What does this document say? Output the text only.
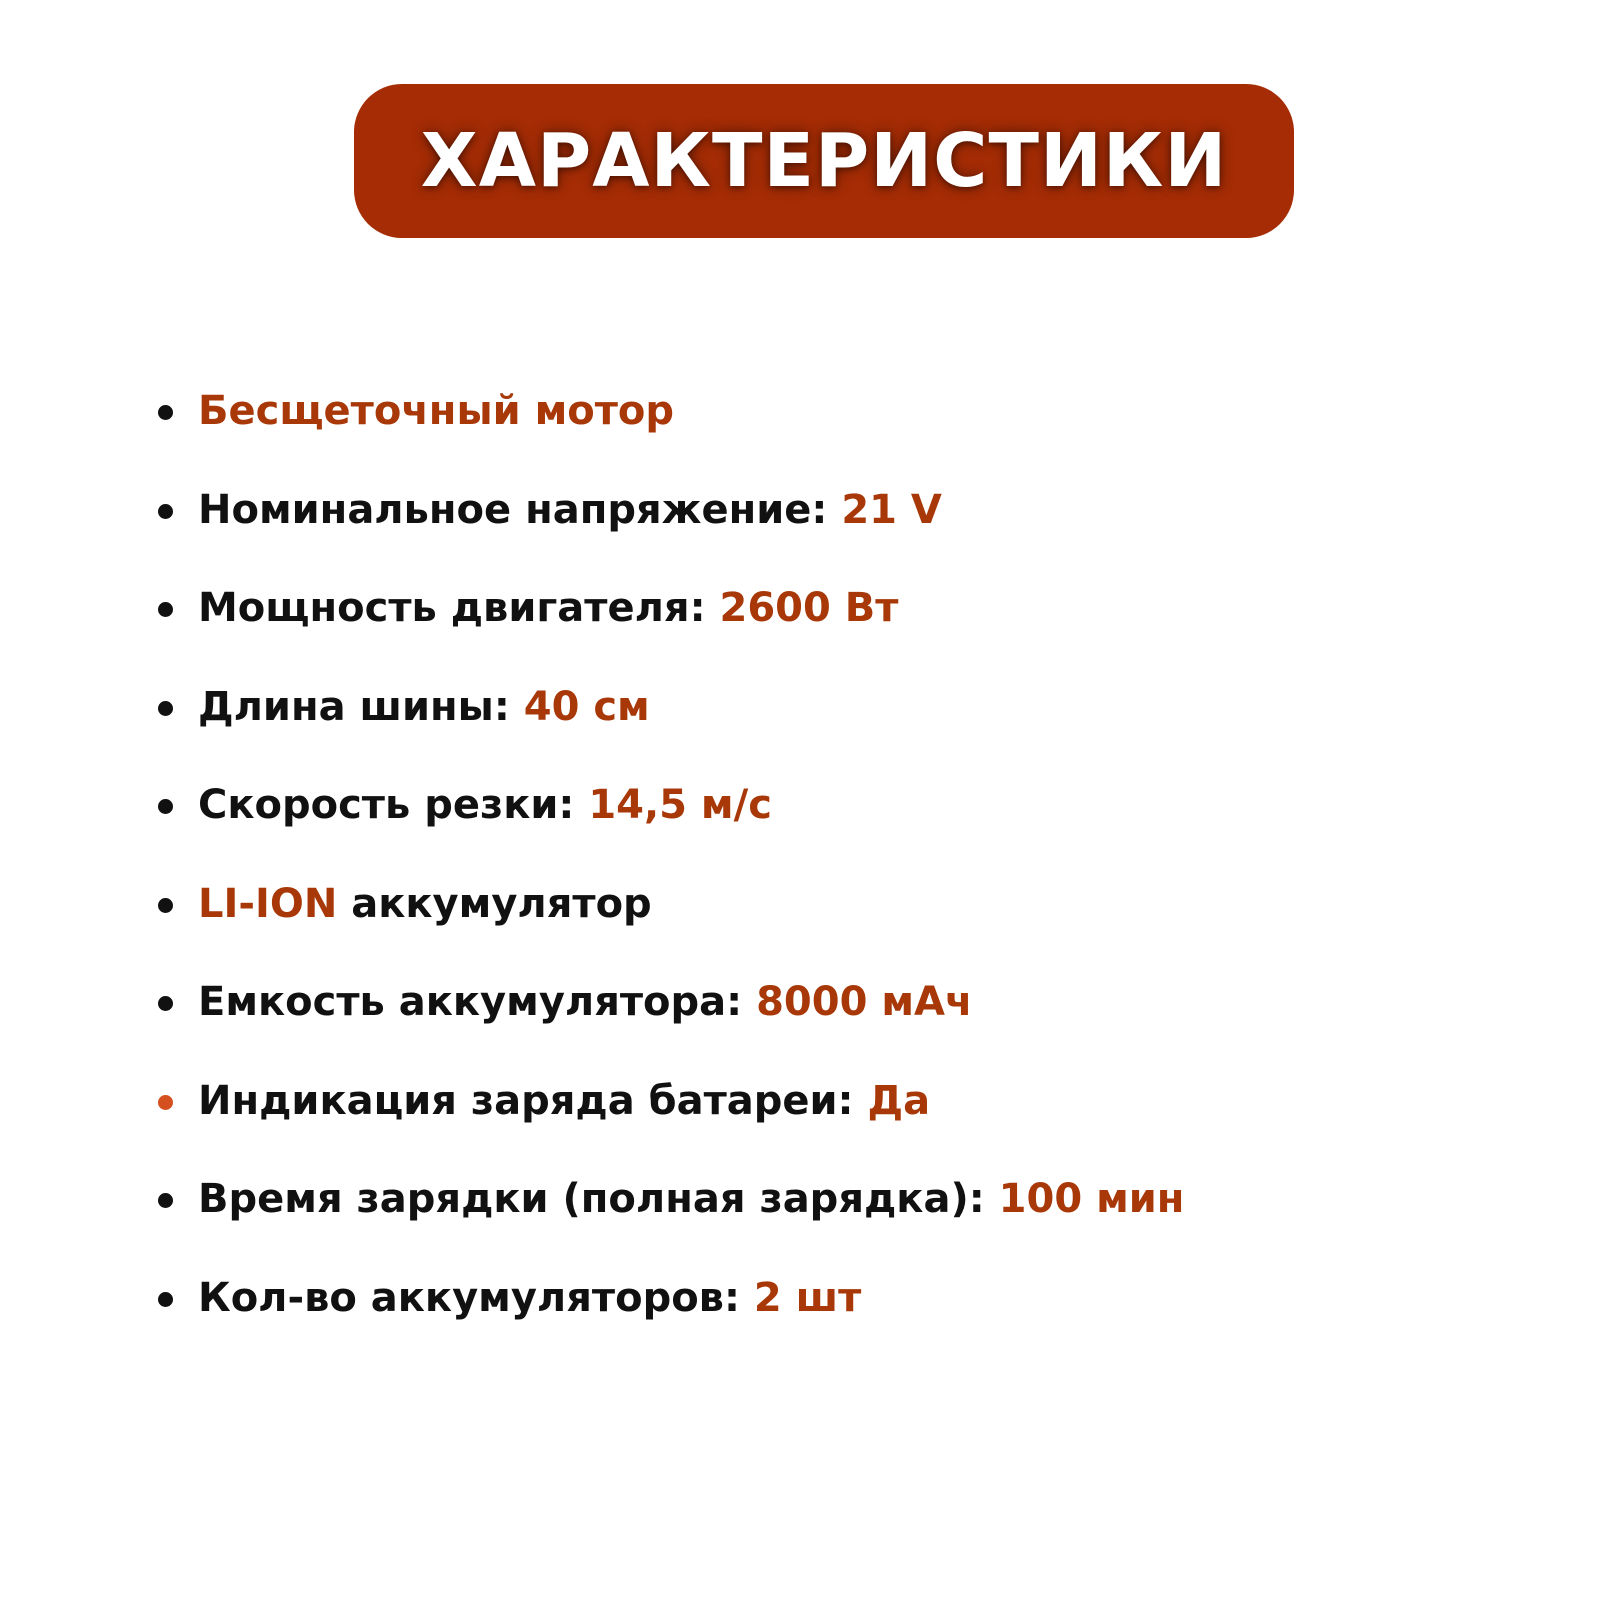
ХАРАКТЕРИСТИКИ
Бесщеточный мотор
Номинальное напряжение: 21 V
Мощность двигателя: 2600 Вт
Длина шины: 40 см
Скорость резки: 14,5 м/с
LI-ION аккумулятор
Емкость аккумулятора: 8000 мАч
Индикация заряда батареи: Да
Время зарядки (полная зарядка): 100 мин
Кол-во аккумуляторов: 2 шт
